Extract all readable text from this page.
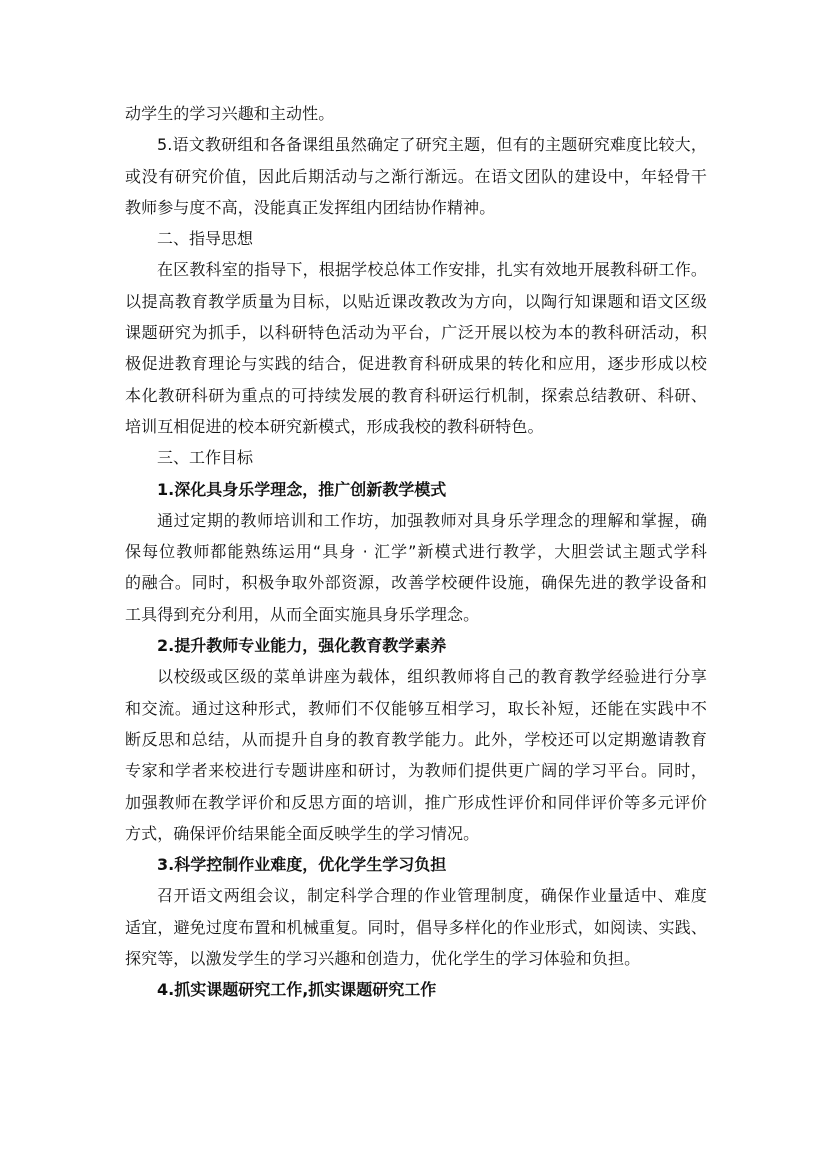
动学生的学习兴趣和主动性。
5.语文教研组和各备课组虽然确定了研究主题，但有的主题研究难度比较大，
或没有研究价值，因此后期活动与之渐行渐远。在语文团队的建设中，年轻骨干
教师参与度不高，没能真正发挥组内团结协作精神。
二、指导思想
在区教科室的指导下，根据学校总体工作安排，扎实有效地开展教科研工作。
以提高教育教学质量为目标，以贴近课改教改为方向，以陶行知课题和语文区级
课题研究为抓手，以科研特色活动为平台，广泛开展以校为本的教科研活动，积
极促进教育理论与实践的结合，促进教育科研成果的转化和应用，逐步形成以校
本化教研科研为重点的可持续发展的教育科研运行机制，探索总结教研、科研、
培训互相促进的校本研究新模式，形成我校的教科研特色。
三、工作目标
1.深化具身乐学理念，推广创新教学模式
通过定期的教师培训和工作坊，加强教师对具身乐学理念的理解和掌握，确
保每位教师都能熟练运用“具身 · 汇学”新模式进行教学，大胆尝试主题式学科
的融合。同时，积极争取外部资源，改善学校硬件设施，确保先进的教学设备和
工具得到充分利用，从而全面实施具身乐学理念。
2.提升教师专业能力，强化教育教学素养
以校级或区级的菜单讲座为载体，组织教师将自己的教育教学经验进行分享
和交流。通过这种形式，教师们不仅能够互相学习，取长补短，还能在实践中不
断反思和总结，从而提升自身的教育教学能力。此外，学校还可以定期邀请教育
专家和学者来校进行专题讲座和研讨，为教师们提供更广阔的学习平台。同时，
加强教师在教学评价和反思方面的培训，推广形成性评价和同伴评价等多元评价
方式，确保评价结果能全面反映学生的学习情况。
3.科学控制作业难度，优化学生学习负担
召开语文两组会议，制定科学合理的作业管理制度，确保作业量适中、难度
适宜，避免过度布置和机械重复。同时，倡导多样化的作业形式，如阅读、实践、
探究等，以激发学生的学习兴趣和创造力，优化学生的学习体验和负担。
4.抓实课题研究工作,抓实课题研究工作
